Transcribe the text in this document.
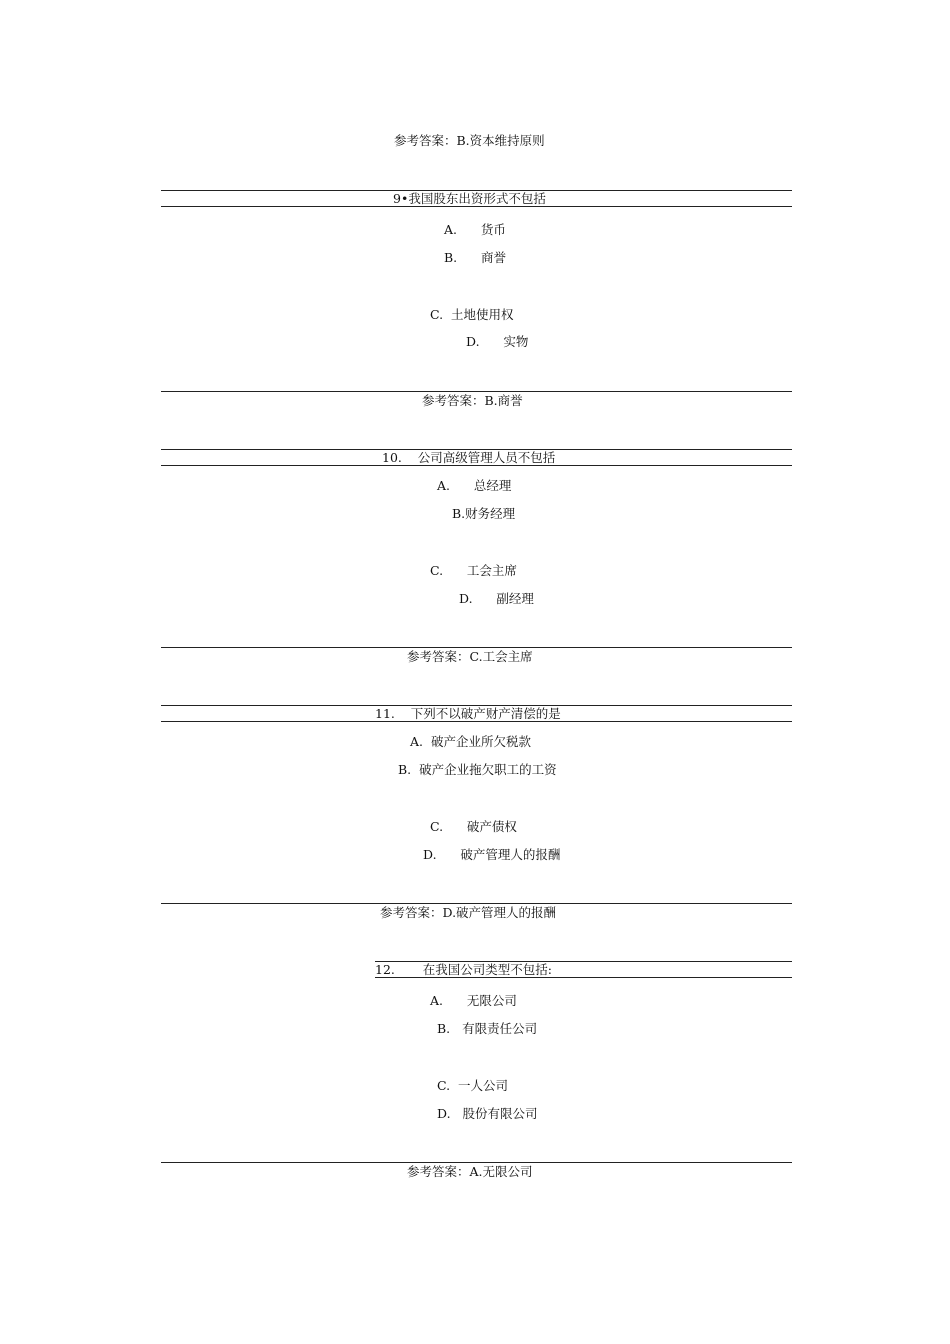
参考答案：B.资本维持原则
9•我国股东出资形式不包括
A.      货币
B.      商誉
C.  土地使用权
D.      实物
参考答案：B.商誉
10.    公司高级管理人员不包括
A.      总经理
B.财务经理
C.      工会主席
D.      副经理
参考答案：C.工会主席
11.    下列不以破产财产清偿的是
A.  破产企业所欠税款
B.  破产企业拖欠职工的工资
C.      破产债权
D.      破产管理人的报酬
参考答案：D.破产管理人的报酬
12.       在我国公司类型不包括:
A.      无限公司
B.   有限责任公司
C.  一人公司
D.   股份有限公司
参考答案：A.无限公司
